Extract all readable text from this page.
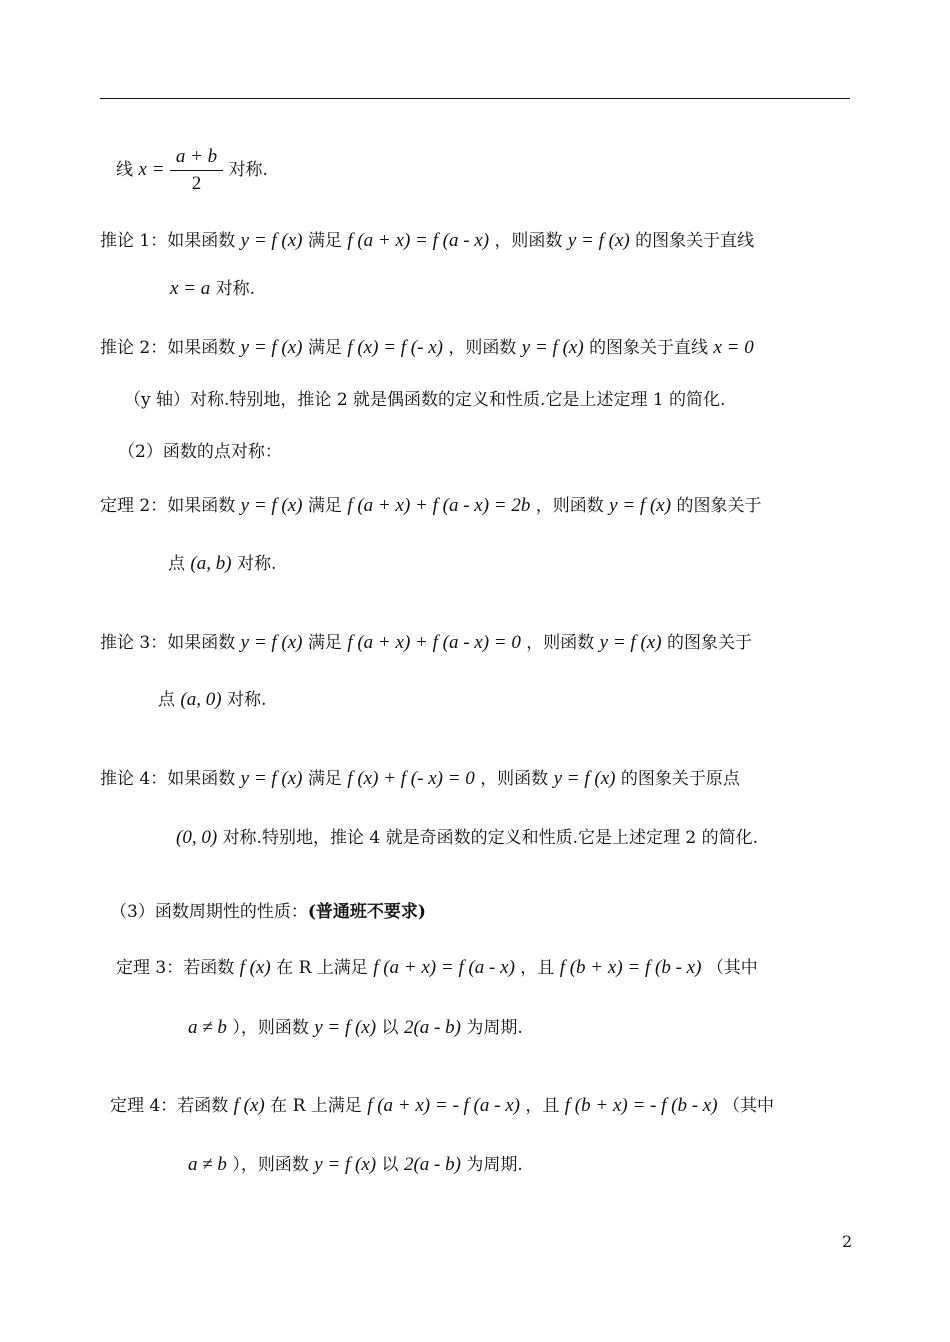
线 $x = \frac{a + b}{2}$ 对称.
推论 1：如果函数 y = f (x) 满足 f (a + x) = f (a - x) ，则函数 y = f (x) 的图象关于直线
x = a 对称.
推论 2：如果函数 y = f (x) 满足 f (x) = f (- x) ，则函数 y = f (x) 的图象关于直线 x = 0
（y 轴）对称.特别地，推论 2 就是偶函数的定义和性质.它是上述定理 1 的简化.
（2）函数的点对称：
定理 2：如果函数 y = f (x) 满足 f (a + x) + f (a - x) = 2b ，则函数 y = f (x) 的图象关于
点 (a, b) 对称.
推论 3：如果函数 y = f (x) 满足 f (a + x) + f (a - x) = 0 ，则函数 y = f (x) 的图象关于
点 (a, 0) 对称.
推论 4：如果函数 y = f (x) 满足 f (x) + f (- x) = 0 ，则函数 y = f (x) 的图象关于原点
(0, 0) 对称.特别地，推论 4 就是奇函数的定义和性质.它是上述定理 2 的简化.
（3）函数周期性的性质：(普通班不要求)
定理 3：若函数 f (x) 在 R 上满足 f (a + x) = f (a - x) ，且 f (b + x) = f (b - x) （其中
a ≠ b ），则函数 y = f (x) 以 2(a - b) 为周期.
定理 4：若函数 f (x) 在 R 上满足 f (a + x) = - f (a - x) ，且 f (b + x) = - f (b - x) （其中
a ≠ b ），则函数 y = f (x) 以 2(a - b) 为周期.
2
